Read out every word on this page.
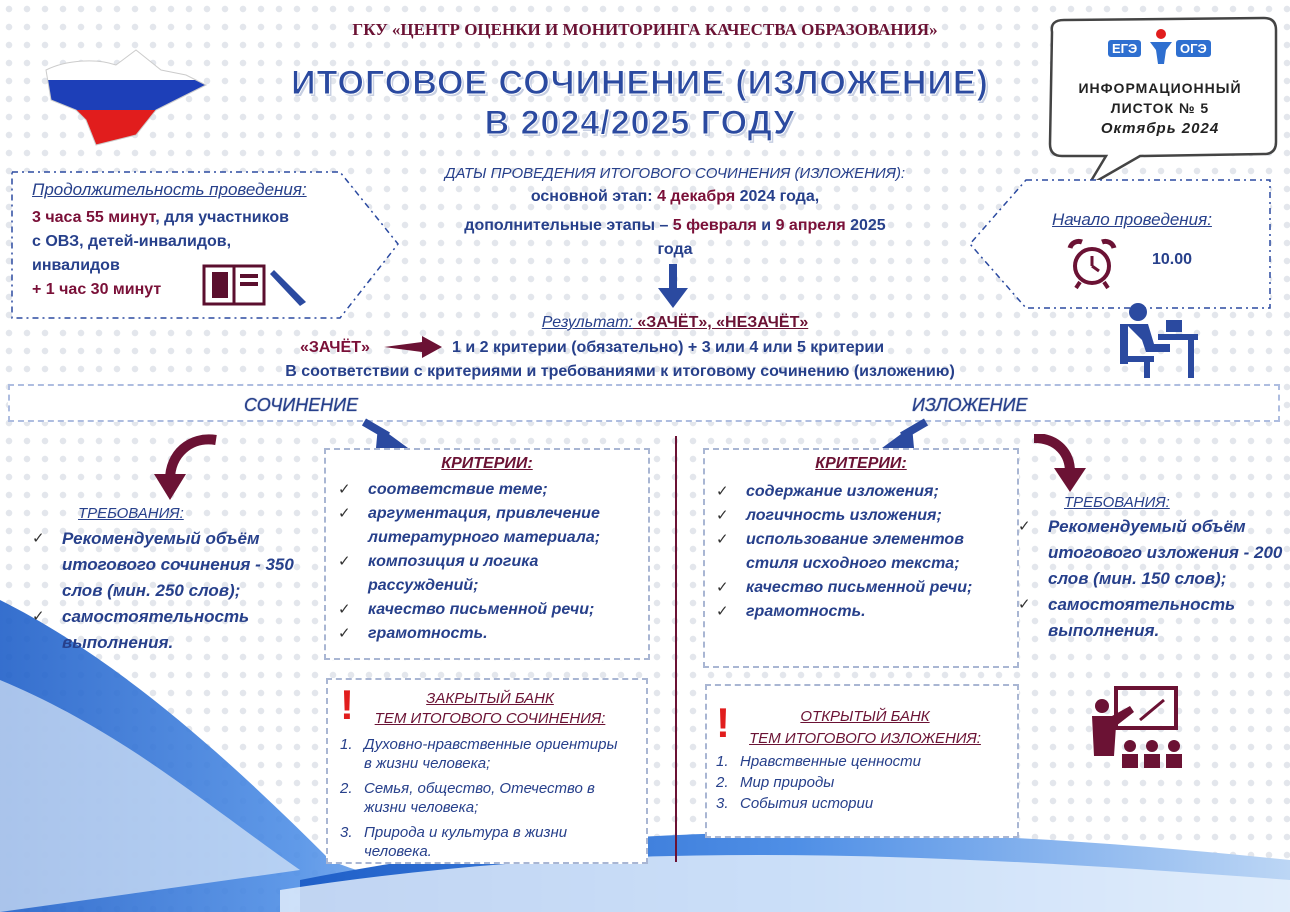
ГКУ «ЦЕНТР ОЦЕНКИ И МОНИТОРИНГА КАЧЕСТВА ОБРАЗОВАНИЯ»
ИТОГОВОЕ СОЧИНЕНИЕ (ИЗЛОЖЕНИЕ)
В 2024/2025 ГОДУ
ЕГЭ	ОГЭ
ИНФОРМАЦИОННЫЙ
ЛИСТОК № 5
Октябрь 2024
Продолжительность проведения:
3 часа 55 минут, для участников
с ОВЗ, детей-инвалидов,
инвалидов
+ 1 час 30 минут
ДАТЫ ПРОВЕДЕНИЯ ИТОГОВОГО СОЧИНЕНИЯ (ИЗЛОЖЕНИЯ):
основной этап: 4 декабря 2024 года,
дополнительные этапы – 5 февраля и 9 апреля 2025
года
Начало проведения:
10.00
Результат: «ЗАЧЁТ», «НЕЗАЧЁТ»
«ЗАЧЁТ»	1 и 2 критерии (обязательно) + 3 или 4 или 5 критерии
В соответствии с критериями и требованиями к итоговому сочинению (изложению)
СОЧИНЕНИЕ	ИЗЛОЖЕНИЕ
ТРЕБОВАНИЯ:
✓ Рекомендуемый объём итогового сочинения - 350 слов (мин. 250 слов);
✓ самостоятельность выполнения.
КРИТЕРИИ:
✓ соответствие теме;
✓ аргументация, привлечение литературного материала;
✓ композиция и логика рассуждений;
✓ качество письменной речи;
✓ грамотность.
!	ЗАКРЫТЫЙ БАНК
ТЕМ ИТОГОВОГО СОЧИНЕНИЯ:
1. Духовно-нравственные ориентиры в жизни человека;
2. Семья, общество, Отечество в жизни человека;
3. Природа и культура в жизни человека.
КРИТЕРИИ:
✓ содержание изложения;
✓ логичность изложения;
✓ использование элементов стиля исходного текста;
✓ качество письменной речи;
✓ грамотность.
!	ОТКРЫТЫЙ БАНК
ТЕМ ИТОГОВОГО ИЗЛОЖЕНИЯ:
1. Нравственные ценности
2. Мир природы
3. События истории
ТРЕБОВАНИЯ:
✓ Рекомендуемый объём итогового изложения - 200 слов (мин. 150 слов);
✓ самостоятельность выполнения.
